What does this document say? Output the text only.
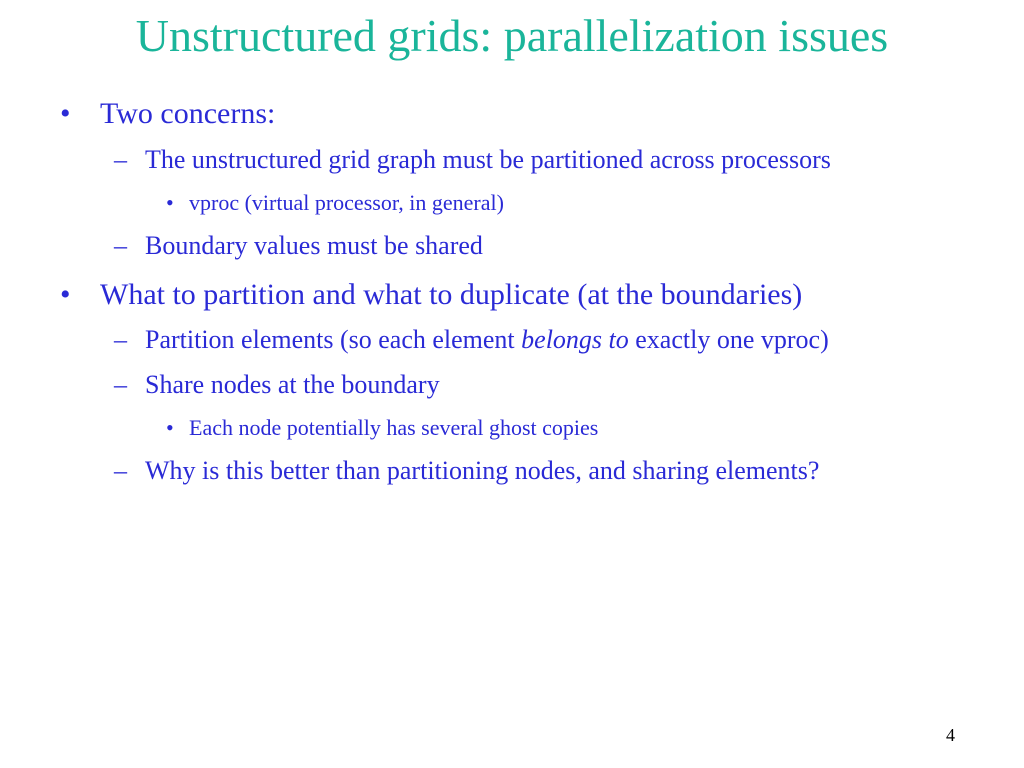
Unstructured grids: parallelization issues
• Two concerns:
– The unstructured grid graph must be partitioned across processors
• vproc (virtual processor, in general)
– Boundary values must be shared
• What to partition and what to duplicate (at the boundaries)
– Partition elements (so each element belongs to exactly one vproc)
– Share nodes at the boundary
• Each node potentially has several ghost copies
– Why is this better than partitioning nodes, and sharing elements?
4
